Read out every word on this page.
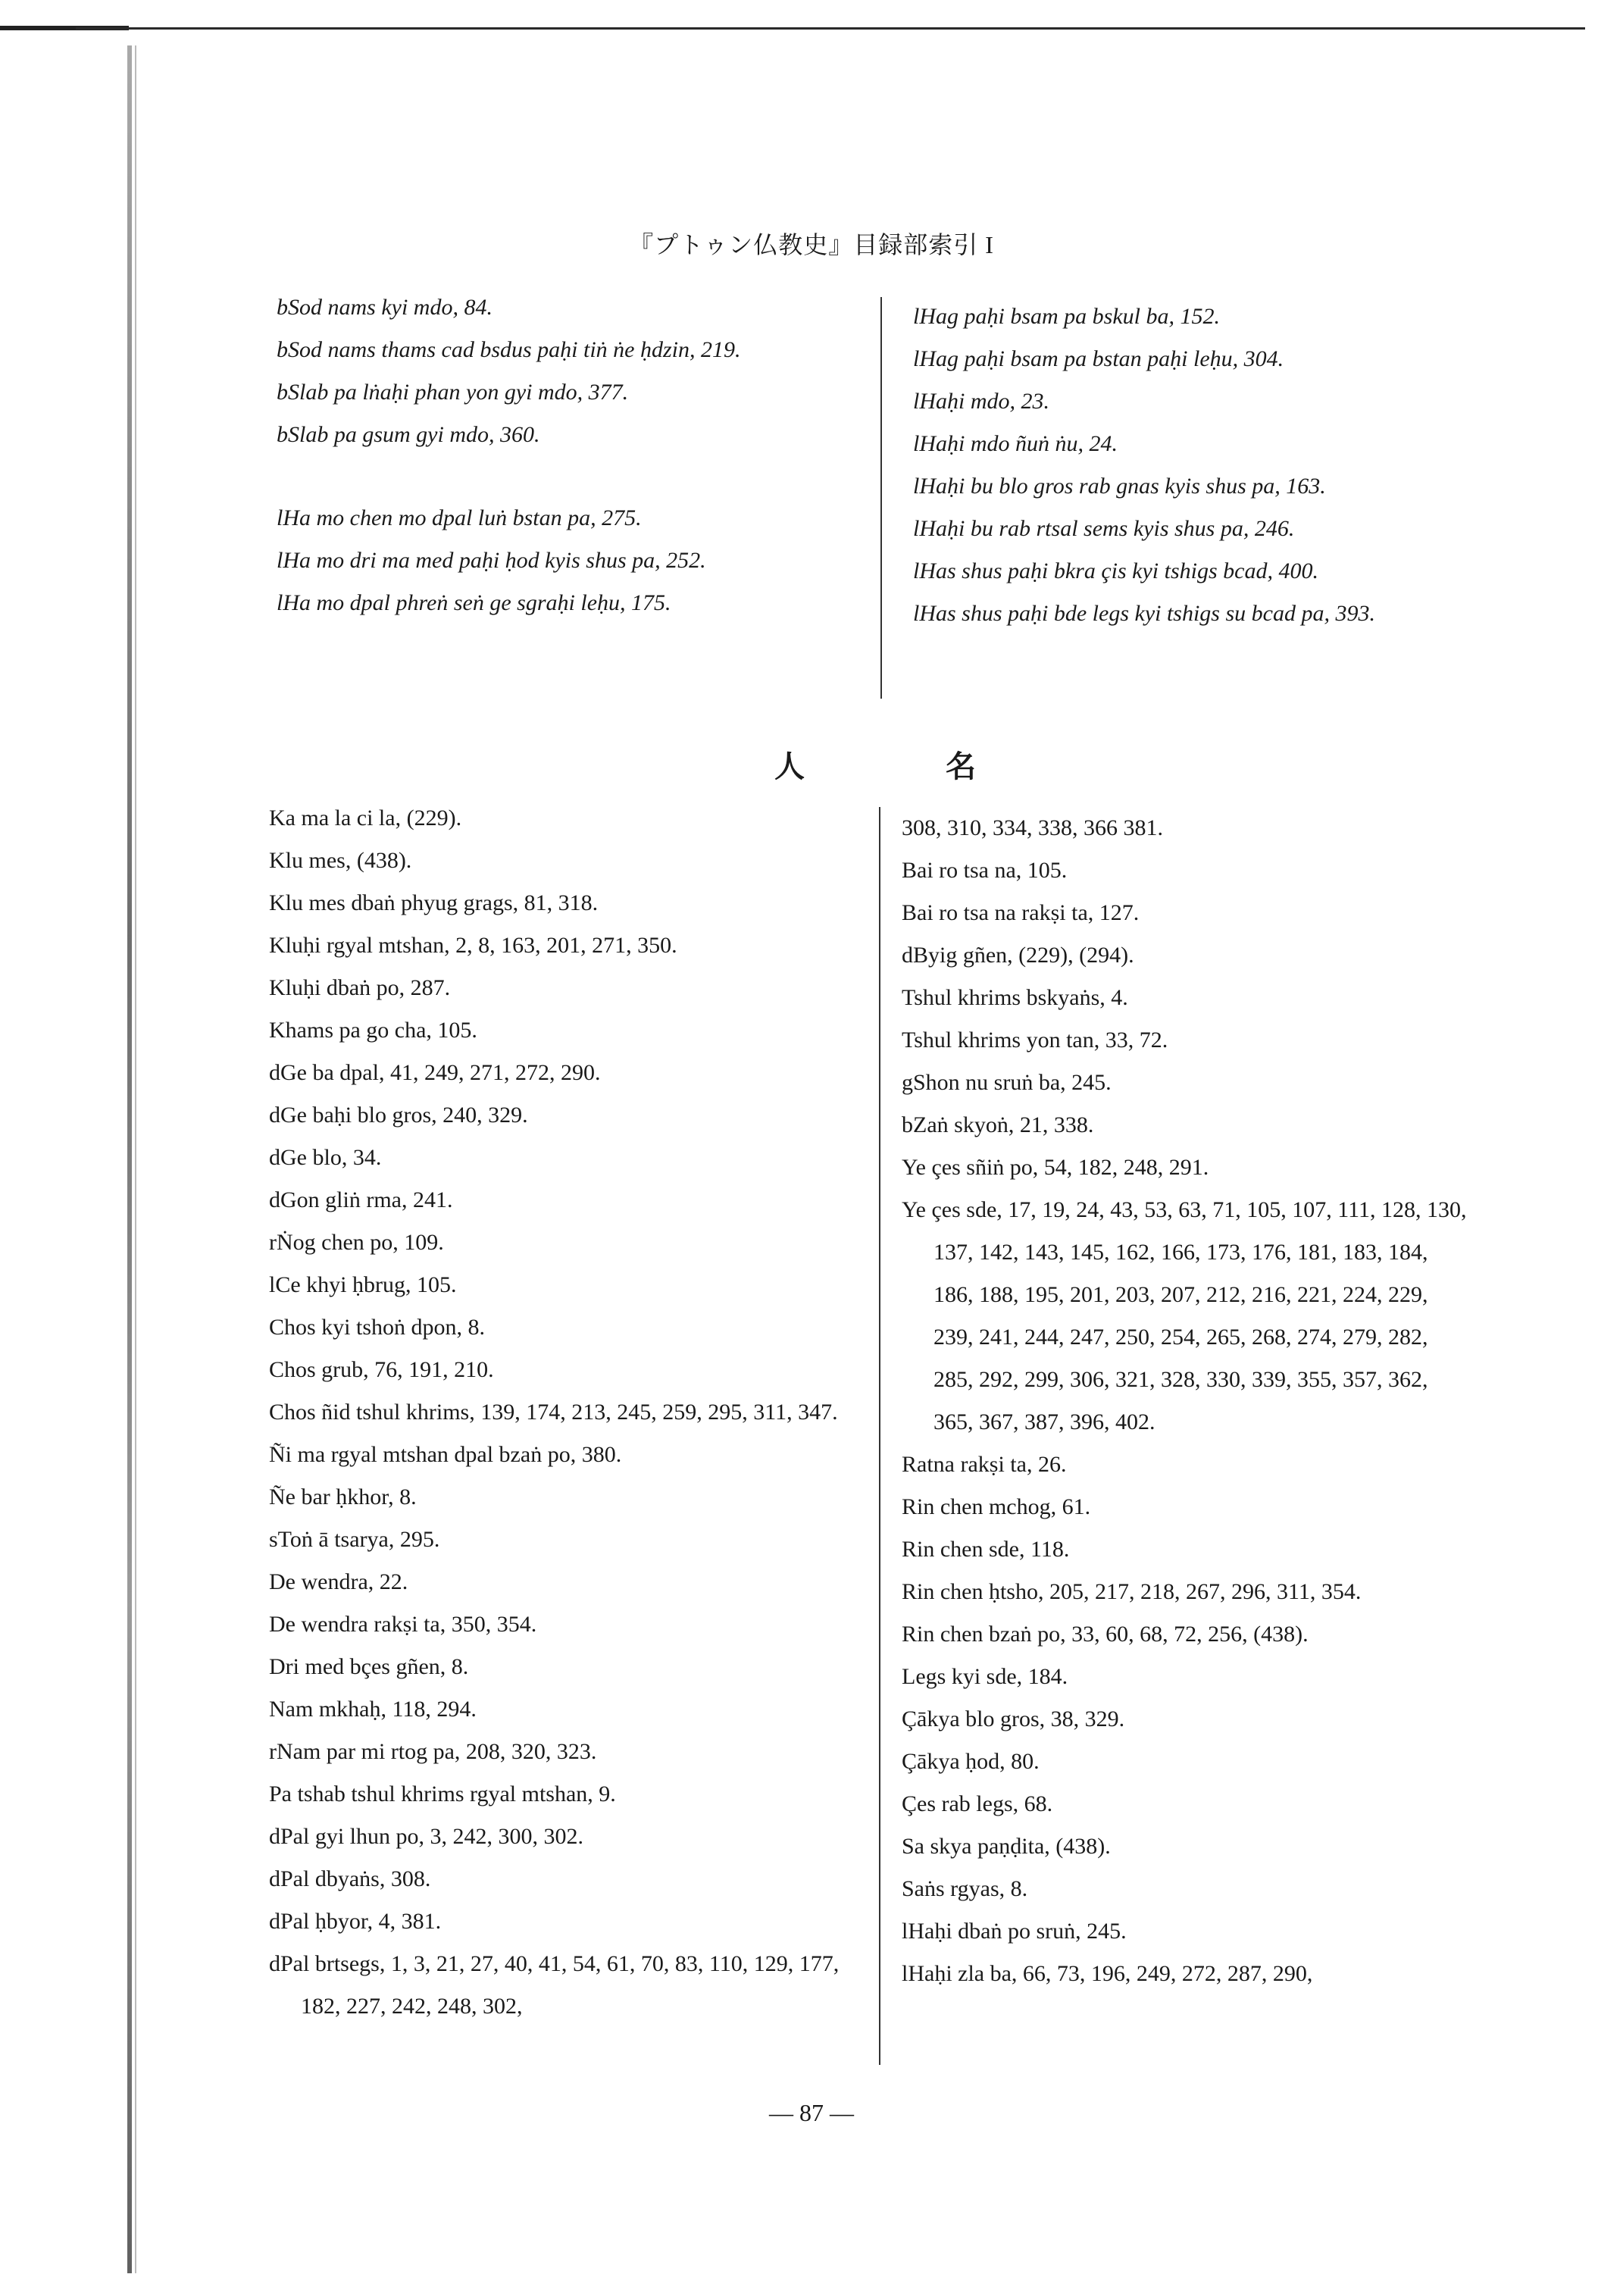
『プトゥン仏教史』目録部索引 I
bSod nams kyi mdo, 84.
bSod nams thams cad bsdus paḥi tiṅ ṅe ḥdzin, 219.
bSlab pa lṅaḥi phan yon gyi mdo, 377.
bSlab pa gsum gyi mdo, 360.
lHa mo chen mo dpal luṅ bstan pa, 275.
lHa mo dri ma med paḥi ḥod kyis shus pa, 252.
lHa mo dpal phreṅ seṅ ge sgraḥi leḥu, 175.
lHag paḥi bsam pa bskul ba, 152.
lHag paḥi bsam pa bstan paḥi leḥu, 304.
lHaḥi mdo, 23.
lHaḥi mdo ñuṅ ṅu, 24.
lHaḥi bu blo gros rab gnas kyis shus pa, 163.
lHaḥi bu rab rtsal sems kyis shus pa, 246.
lHas shus paḥi bkra çis kyi tshigs bcad, 400.
lHas shus paḥi bde legs kyi tshigs su bcad pa, 393.
人	名
Ka ma la ci la, (229).
Klu mes, (438).
Klu mes dbaṅ phyug grags, 81, 318.
Kluḥi rgyal mtshan, 2, 8, 163, 201, 271, 350.
Kluḥi dbaṅ po, 287.
Khams pa go cha, 105.
dGe ba dpal, 41, 249, 271, 272, 290.
dGe baḥi blo gros, 240, 329.
dGe blo, 34.
dGon gliṅ rma, 241.
rṄog chen po, 109.
lCe khyi ḥbrug, 105.
Chos kyi tshoṅ dpon, 8.
Chos grub, 76, 191, 210.
Chos ñid tshul khrims, 139, 174, 213, 245, 259, 295, 311, 347.
Ñi ma rgyal mtshan dpal bzaṅ po, 380.
Ñe bar ḥkhor, 8.
sToṅ ā tsarya, 295.
De wendra, 22.
De wendra rakṣi ta, 350, 354.
Dri med bçes gñen, 8.
Nam mkhaḥ, 118, 294.
rNam par mi rtog pa, 208, 320, 323.
Pa tshab tshul khrims rgyal mtshan, 9.
dPal gyi lhun po, 3, 242, 300, 302.
dPal dbyaṅs, 308.
dPal ḥbyor, 4, 381.
dPal brtsegs, 1, 3, 21, 27, 40, 41, 54, 61, 70, 83, 110, 129, 177, 182, 227, 242, 248, 302,
308, 310, 334, 338, 366 381.
Bai ro tsa na, 105.
Bai ro tsa na rakṣi ta, 127.
dByig gñen, (229), (294).
Tshul khrims bskyaṅs, 4.
Tshul khrims yon tan, 33, 72.
gShon nu sruṅ ba, 245.
bZaṅ skyoṅ, 21, 338.
Ye çes sñiṅ po, 54, 182, 248, 291.
Ye çes sde, 17, 19, 24, 43, 53, 63, 71, 105, 107, 111, 128, 130, 137, 142, 143, 145, 162, 166, 173, 176, 181, 183, 184, 186, 188, 195, 201, 203, 207, 212, 216, 221, 224, 229, 239, 241, 244, 247, 250, 254, 265, 268, 274, 279, 282, 285, 292, 299, 306, 321, 328, 330, 339, 355, 357, 362, 365, 367, 387, 396, 402.
Ratna rakṣi ta, 26.
Rin chen mchog, 61.
Rin chen sde, 118.
Rin chen ḥtsho, 205, 217, 218, 267, 296, 311, 354.
Rin chen bzaṅ po, 33, 60, 68, 72, 256, (438).
Legs kyi sde, 184.
Çākya blo gros, 38, 329.
Çākya ḥod, 80.
Çes rab legs, 68.
Sa skya paṇḍita, (438).
Saṅs rgyas, 8.
lHaḥi dbaṅ po sruṅ, 245.
lHaḥi zla ba, 66, 73, 196, 249, 272, 287, 290,
— 87 —
